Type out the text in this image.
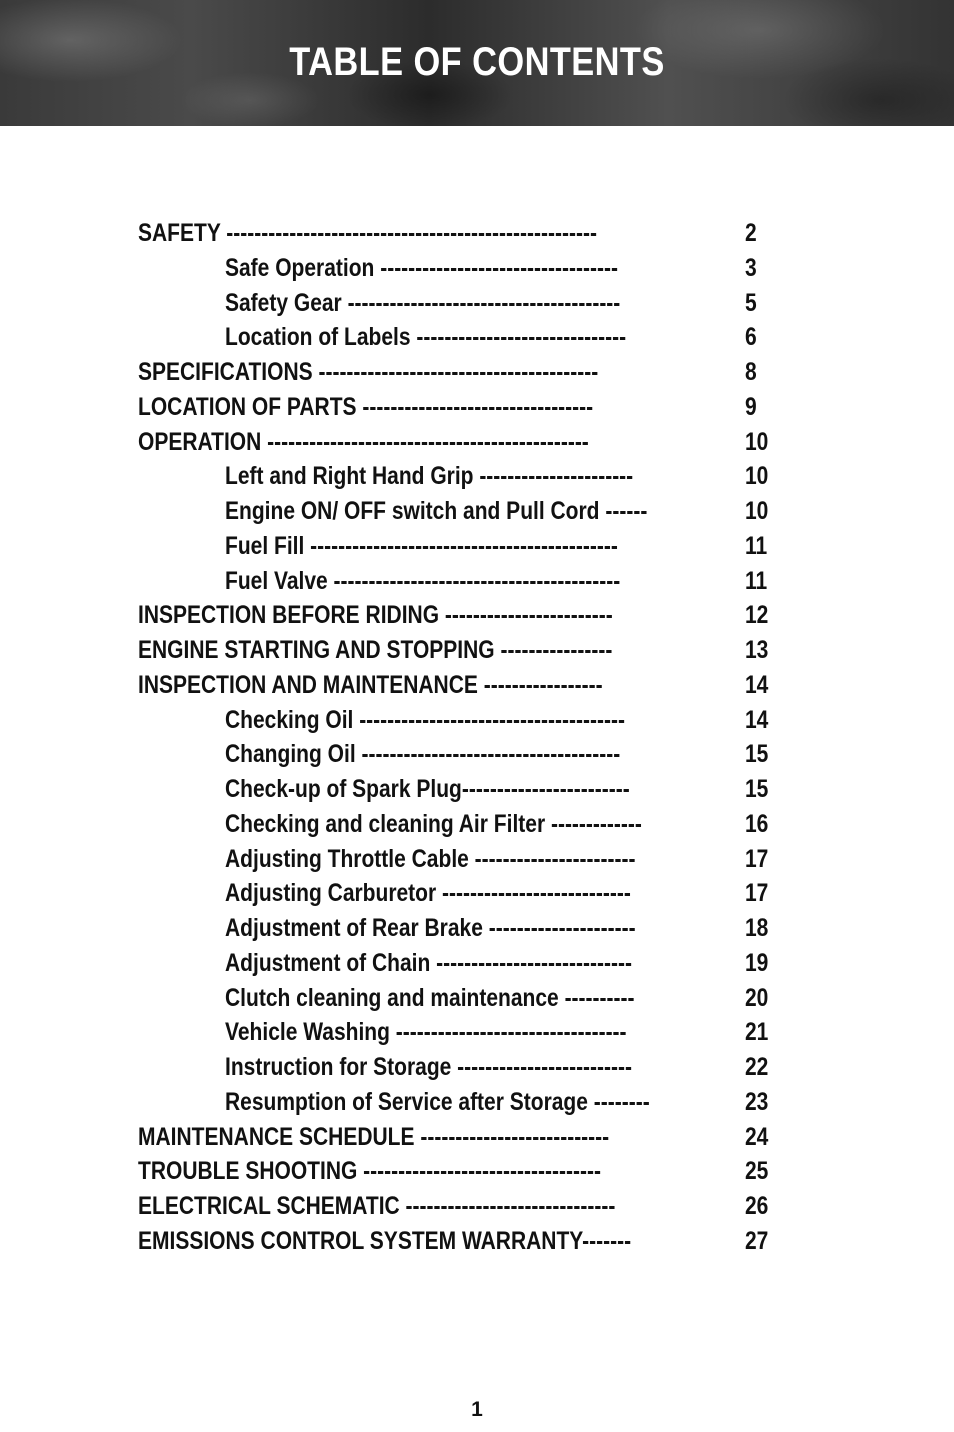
TABLE OF CONTENTS
SAFETY -----------------------------------------------------	2
Safe Operation ----------------------------------	3
Safety Gear ---------------------------------------	5
Location of Labels ------------------------------	6
SPECIFICATIONS ----------------------------------------	8
LOCATION OF PARTS ---------------------------------	9
OPERATION ----------------------------------------------	10
Left and Right Hand Grip ----------------------	10
Engine ON/ OFF switch and Pull Cord ------	10
Fuel Fill --------------------------------------------	11
Fuel Valve -----------------------------------------	11
INSPECTION BEFORE RIDING ------------------------	12
ENGINE STARTING AND STOPPING ----------------	13
INSPECTION AND MAINTENANCE -----------------	14
Checking Oil --------------------------------------	14
Changing Oil -------------------------------------	15
Check-up of Spark Plug------------------------	15
Checking and cleaning Air Filter -------------	16
Adjusting Throttle Cable -----------------------	17
Adjusting Carburetor ---------------------------	17
Adjustment of Rear Brake ---------------------	18
Adjustment of Chain ----------------------------	19
Clutch cleaning and maintenance ----------	20
Vehicle Washing ---------------------------------	21
Instruction for Storage -------------------------	22
Resumption of Service after Storage --------	23
MAINTENANCE SCHEDULE ---------------------------	24
TROUBLE SHOOTING ----------------------------------	25
ELECTRICAL SCHEMATIC ------------------------------	26
EMISSIONS CONTROL SYSTEM WARRANTY-------	27
1
